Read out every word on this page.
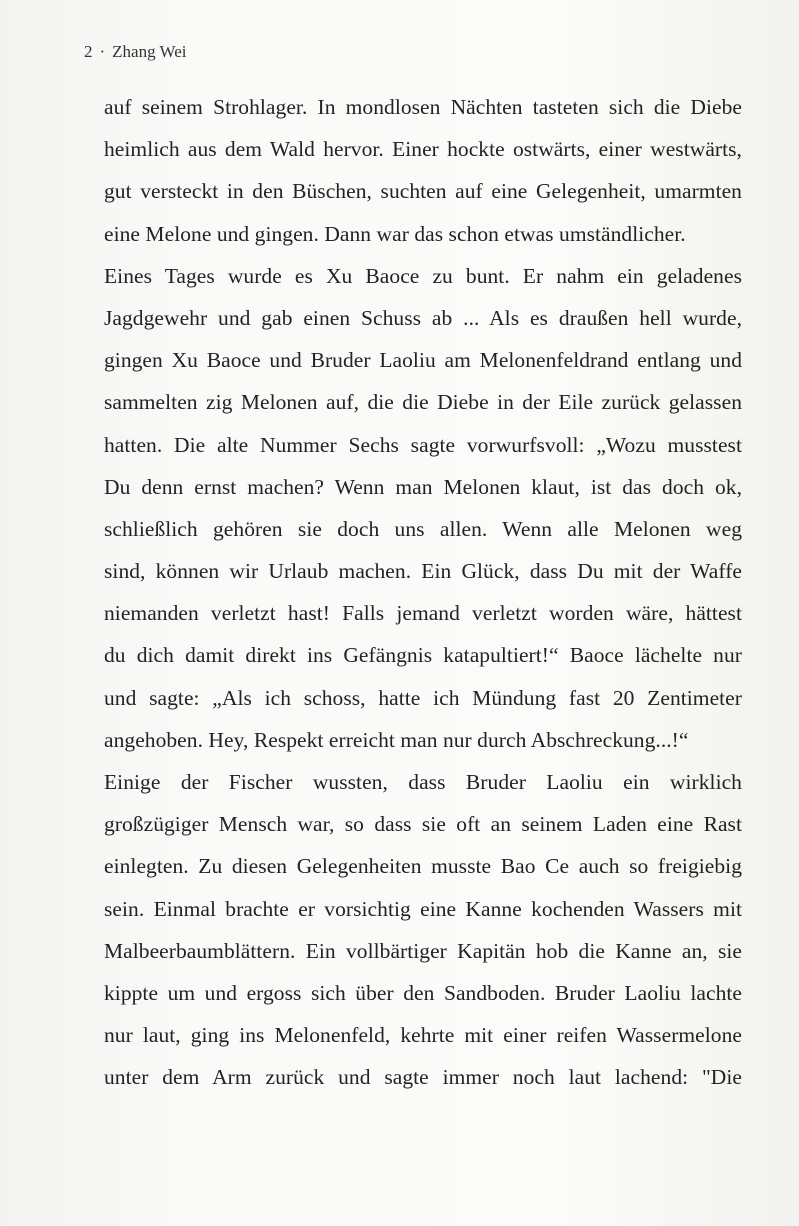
2 · Zhang Wei
auf seinem Strohlager. In mondlosen Nächten tasteten sich die Diebe
heimlich aus dem Wald hervor. Einer hockte ostwärts, einer westwärts,
gut versteckt in den Büschen, suchten auf eine Gelegenheit, umarmten
eine Melone und gingen. Dann war das schon etwas umständlicher.
Eines Tages wurde es Xu Baoce zu bunt. Er nahm ein geladenes
Jagdgewehr und gab einen Schuss ab ... Als es draußen hell wurde,
gingen Xu Baoce und Bruder Laoliu am Melonenfeldrand entlang und
sammelten zig Melonen auf, die die Diebe in der Eile zurück gelassen
hatten. Die alte Nummer Sechs sagte vorwurfsvoll: „Wozu musstest
Du denn ernst machen? Wenn man Melonen klaut, ist das doch ok,
schließlich gehören sie doch uns allen. Wenn alle Melonen weg
sind, können wir Urlaub machen. Ein Glück, dass Du mit der Waffe
niemanden verletzt hast! Falls jemand verletzt worden wäre, hättest
du dich damit direkt ins Gefängnis katapultiert!“ Baoce lächelte nur
und sagte: „Als ich schoss, hatte ich Mündung fast 20 Zentimeter
angehoben. Hey, Respekt erreicht man nur durch Abschreckung...!“
Einige der Fischer wussten, dass Bruder Laoliu ein wirklich
großzügiger Mensch war, so dass sie oft an seinem Laden eine Rast
einlegten. Zu diesen Gelegenheiten musste Bao Ce auch so freigiebig
sein. Einmal brachte er vorsichtig eine Kanne kochenden Wassers mit
Malbeerbaumblättern. Ein vollbärtiger Kapitän hob die Kanne an, sie
kippte um und ergoss sich über den Sandboden. Bruder Laoliu lachte
nur laut, ging ins Melonenfeld, kehrte mit einer reifen Wassermelone
unter dem Arm zurück und sagte immer noch laut lachend: "Die
